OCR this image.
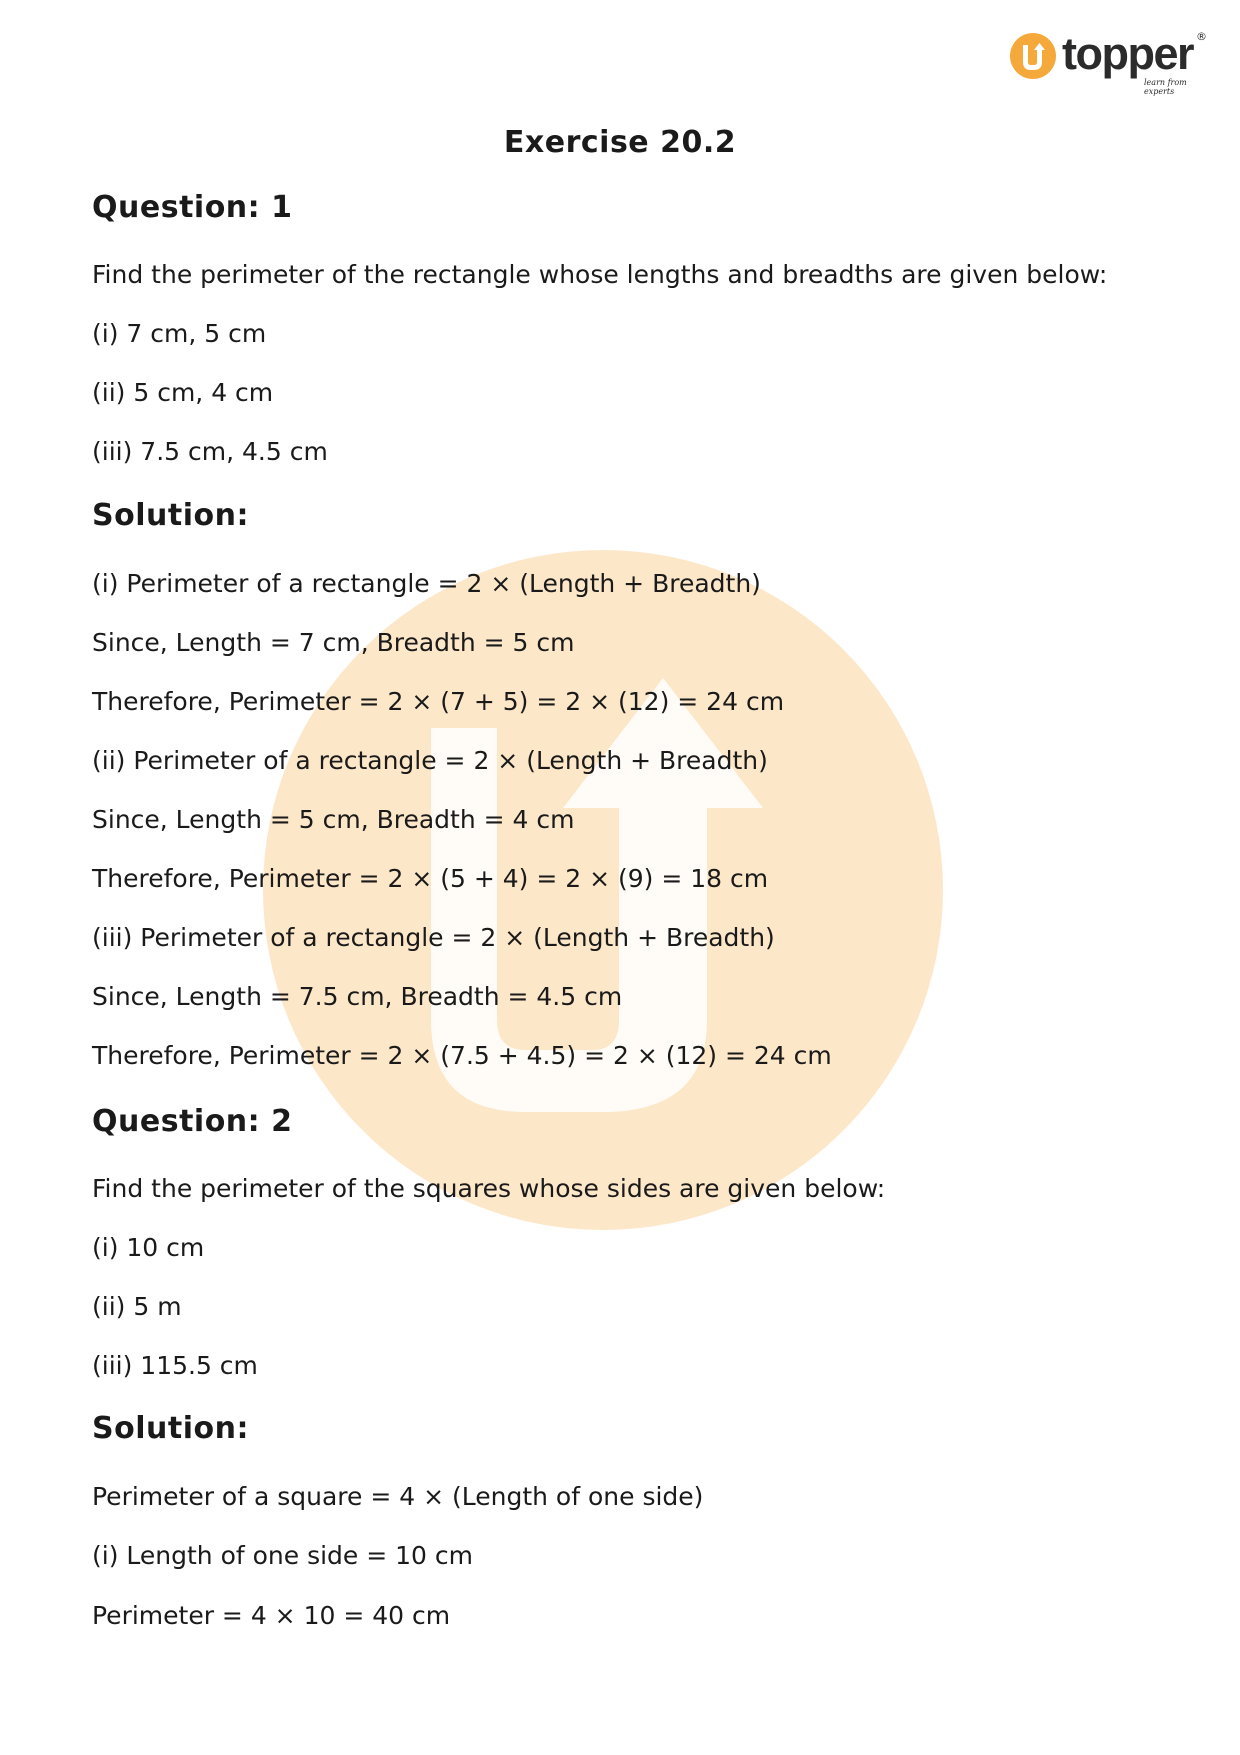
topper ®
learn from experts
Exercise 20.2
Question: 1

Find the perimeter of the rectangle whose lengths and breadths are given below:

(i) 7 cm, 5 cm

(ii) 5 cm, 4 cm

(iii) 7.5 cm, 4.5 cm

Solution:

(i) Perimeter of a rectangle = 2 × (Length + Breadth)

Since, Length = 7 cm, Breadth = 5 cm

Therefore, Perimeter = 2 × (7 + 5) = 2 × (12) = 24 cm

(ii) Perimeter of a rectangle = 2 × (Length + Breadth)

Since, Length = 5 cm, Breadth = 4 cm

Therefore, Perimeter = 2 × (5 + 4) = 2 × (9) = 18 cm

(iii) Perimeter of a rectangle = 2 × (Length + Breadth)

Since, Length = 7.5 cm, Breadth = 4.5 cm

Therefore, Perimeter = 2 × (7.5 + 4.5) = 2 × (12) = 24 cm

Question: 2

Find the perimeter of the squares whose sides are given below:

(i) 10 cm

(ii) 5 m

(iii) 115.5 cm

Solution:

Perimeter of a square = 4 × (Length of one side)

(i) Length of one side = 10 cm

Perimeter = 4 × 10 = 40 cm
